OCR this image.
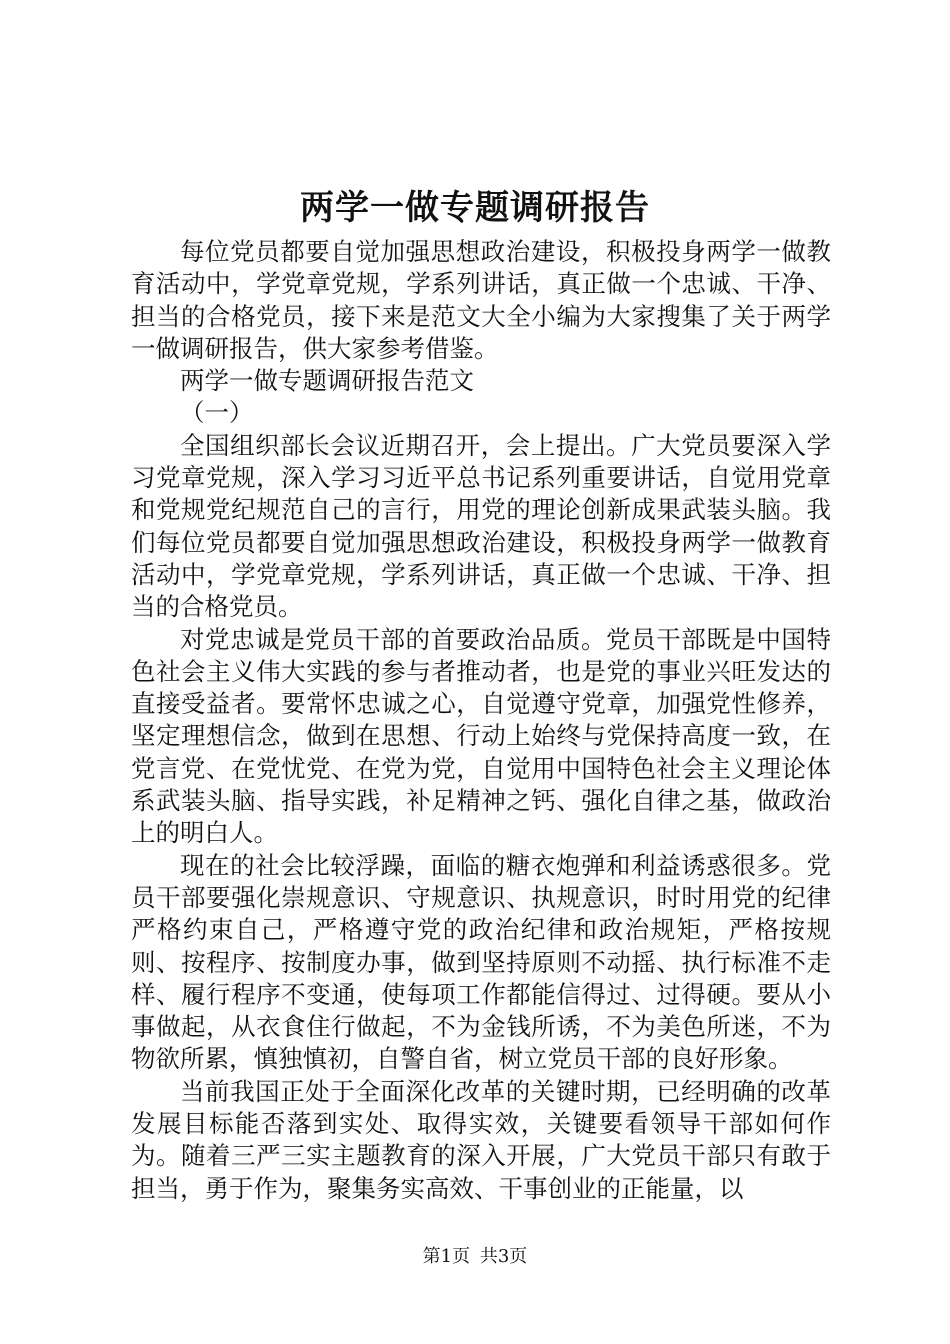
两学一做专题调研报告

每位党员都要自觉加强思想政治建设，积极投身两学一做教育活动中，学党章党规，学系列讲话，真正做一个忠诚、干净、担当的合格党员，接下来是范文大全小编为大家搜集了关于两学一做调研报告，供大家参考借鉴。

两学一做专题调研报告范文

（一）

全国组织部长会议近期召开，会上提出。广大党员要深入学习党章党规，深入学习习近平总书记系列重要讲话，自觉用党章和党规党纪规范自己的言行，用党的理论创新成果武装头脑。我们每位党员都要自觉加强思想政治建设，积极投身两学一做教育活动中，学党章党规，学系列讲话，真正做一个忠诚、干净、担当的合格党员。

对党忠诚是党员干部的首要政治品质。党员干部既是中国特色社会主义伟大实践的参与者推动者，也是党的事业兴旺发达的直接受益者。要常怀忠诚之心，自觉遵守党章，加强党性修养，坚定理想信念，做到在思想、行动上始终与党保持高度一致，在党言党、在党忧党、在党为党，自觉用中国特色社会主义理论体系武装头脑、指导实践，补足精神之钙、强化自律之基，做政治上的明白人。

现在的社会比较浮躁，面临的糖衣炮弹和利益诱惑很多。党员干部要强化崇规意识、守规意识、执规意识，时时用党的纪律严格约束自己，严格遵守党的政治纪律和政治规矩，严格按规则、按程序、按制度办事，做到坚持原则不动摇、执行标准不走样、履行程序不变通，使每项工作都能信得过、过得硬。要从小事做起，从衣食住行做起，不为金钱所诱，不为美色所迷，不为物欲所累，慎独慎初，自警自省，树立党员干部的良好形象。

当前我国正处于全面深化改革的关键时期，已经明确的改革发展目标能否落到实处、取得实效，关键要看领导干部如何作为。随着三严三实主题教育的深入开展，广大党员干部只有敢于担当，勇于作为，聚集务实高效、干事创业的正能量，以

第1页 共3页
